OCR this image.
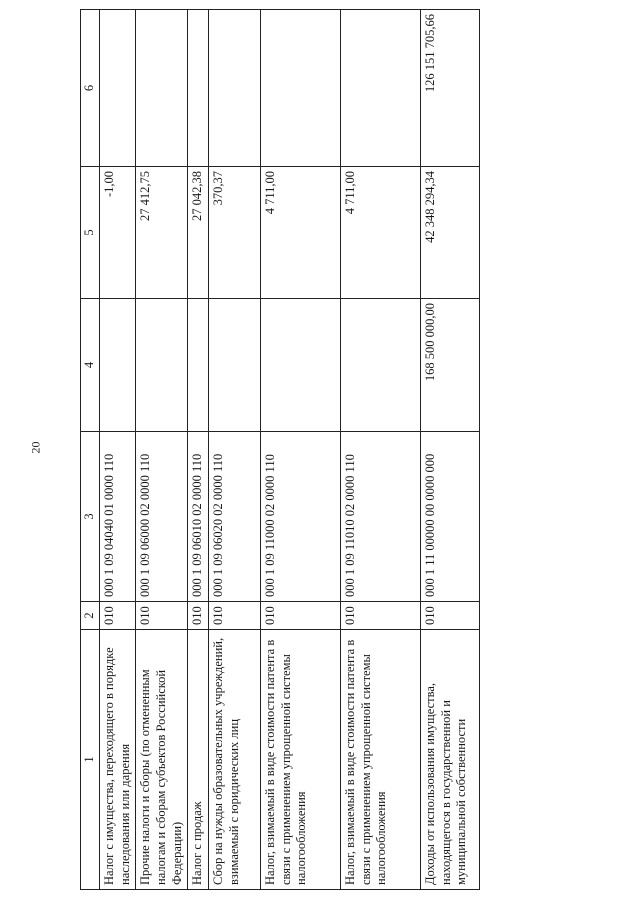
20
1	2	3	4	5	6
Налог с имущества, переходящего в порядке наследования или дарения	010	000 1 09 04040 01 0000 110		-1,00	
Прочие налоги и сборы (по отмененным налогам и сборам субъектов Российской Федерации)	010	000 1 09 06000 02 0000 110		27 412,75	
Налог с продаж	010	000 1 09 06010 02 0000 110		27 042,38	
Сбор на нужды образовательных учреждений, взимаемый с юридических лиц	010	000 1 09 06020 02 0000 110		370,37	
Налог, взимаемый в виде стоимости патента в связи с применением упрощенной системы налогообложения	010	000 1 09 11000 02 0000 110		4 711,00	
Налог, взимаемый в виде стоимости патента в связи с применением упрощенной системы налогообложения	010	000 1 09 11010 02 0000 110		4 711,00	
Доходы от использования имущества, находящегося в государственной и муниципальной собственности	010	000 1 11 00000 00 0000 000	168 500 000,00	42 348 294,34	126 151 705,66
